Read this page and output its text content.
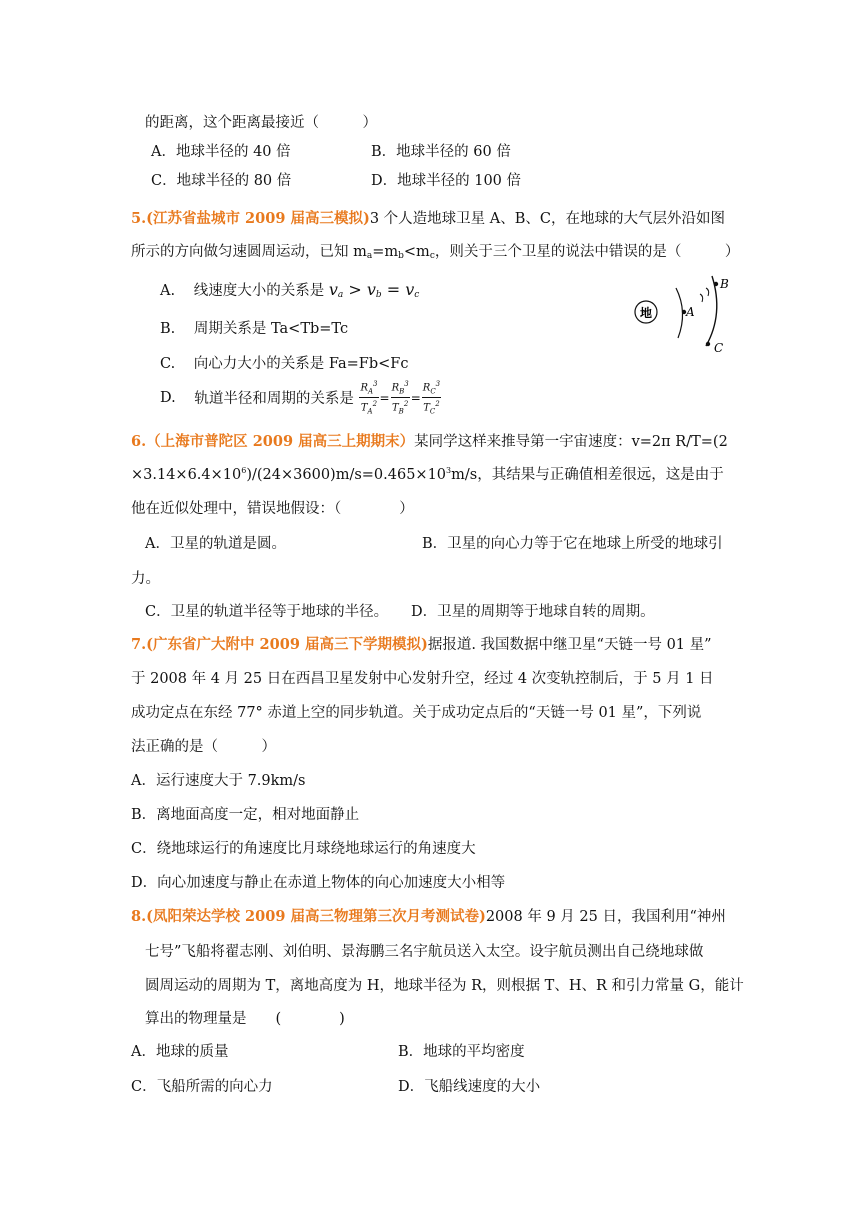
的距离，这个距离最接近（　　　）
A．地球半径的 40 倍	B．地球半径的 60 倍
C．地球半径的 80 倍	D．地球半径的 100 倍
5.(江苏省盐城市 2009 届高三模拟)3 个人造地球卫星 A、B、C，在地球的大气层外沿如图
所示的方向做匀速圆周运动，已知 $m_a=m_b<m_c$，则关于三个卫星的说法中错误的是（　　　）
A. 线速度大小的关系是 $v_a > v_b = v_c$
B. 周期关系是 Ta<Tb=Tc
C. 向心力大小的关系是 Fa=Fb<Fc
D. 轨道半径和周期的关系是 $\frac{R_A^3}{T_A^2} = \frac{R_B^3}{T_B^2} = \frac{R_C^3}{T_C^2}$
地	A
B
C
6.（上海市普陀区 2009 届高三上期期末）某同学这样来推导第一宇宙速度：v=2π R/T=(2
$\times 3.14\times 6.4\times 10^6)/(24\times 3600)m/s=0.465\times 10^3m/s$，其结果与正确值相差很远，这是由于
他在近似处理中，错误地假设：（　　　　）
A．卫星的轨道是圆。	B．卫星的向心力等于它在地球上所受的地球引
力。
C．卫星的轨道半径等于地球的半径。 D．卫星的周期等于地球自转的周期。
7.(广东省广大附中 2009 届高三下学期模拟)据报道. 我国数据中继卫星“天链一号 01 星”
于 2008 年 4 月 25 日在西昌卫星发射中心发射升空，经过 4 次变轨控制后，于 5 月 1 日
成功定点在东经 77° 赤道上空的同步轨道。关于成功定点后的“天链一号 01 星”，下列说
法正确的是（　　　）
A．运行速度大于 7.9km/s
B．离地面高度一定，相对地面静止
C．绕地球运行的角速度比月球绕地球运行的角速度大
D．向心加速度与静止在赤道上物体的向心加速度大小相等
8.(凤阳荣达学校 2009 届高三物理第三次月考测试卷)2008 年 9 月 25 日，我国利用“神州
七号”飞船将翟志刚、刘伯明、景海鹏三名宇航员送入太空。设宇航员测出自己绕地球做
圆周运动的周期为 T，离地高度为 H，地球半径为 R，则根据 T、H、R 和引力常量 G，能计
算出的物理量是　　(　　　　)
A．地球的质量	B．地球的平均密度
C．飞船所需的向心力	D．飞船线速度的大小
